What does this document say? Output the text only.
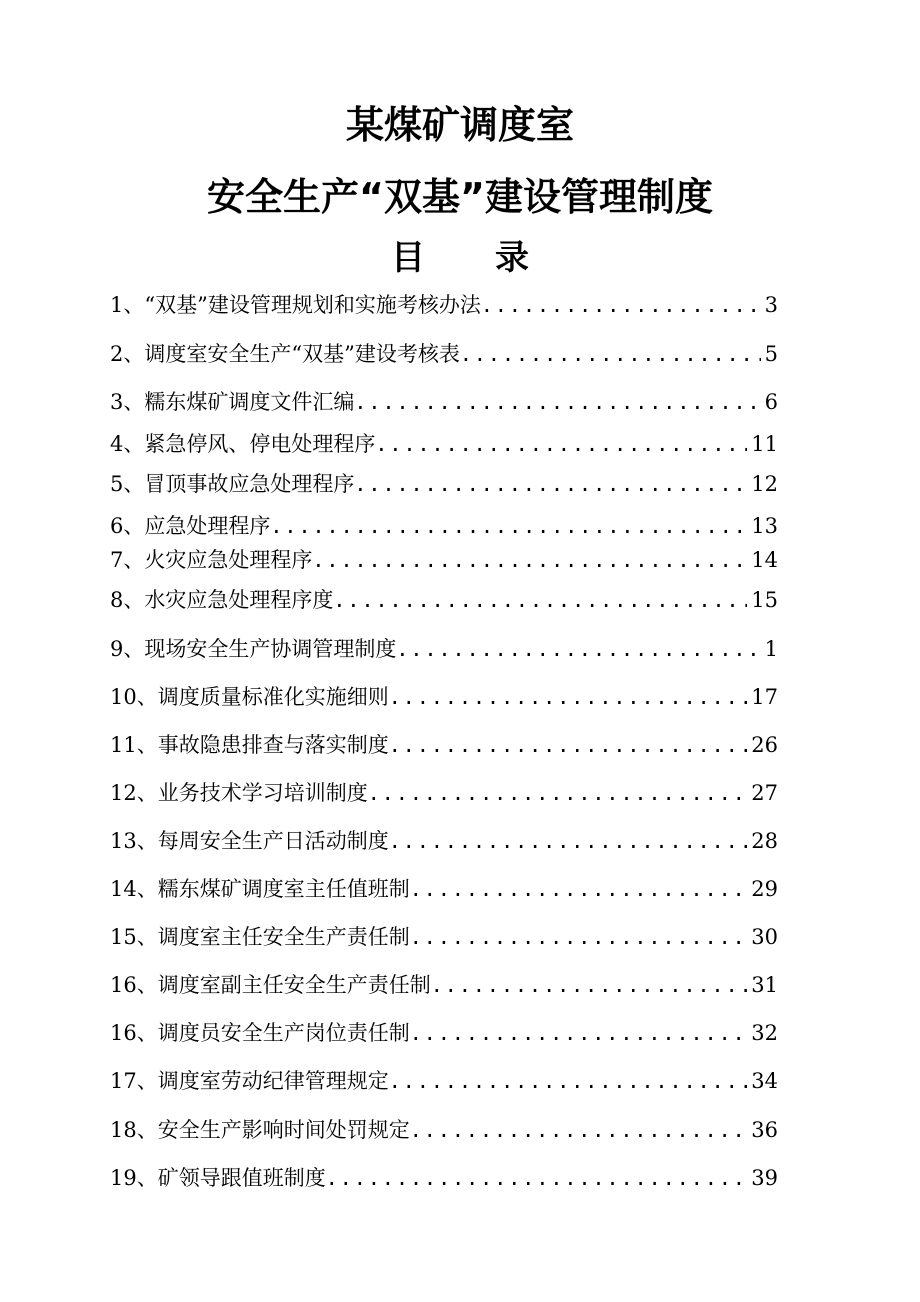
某煤矿调度室
安全生产“双基”建设管理制度
目录
1、“双基”建设管理规划和实施考核办法 .....	3
2、调度室安全生产“双基”建设考核表 .....	5
3、糯东煤矿调度文件汇编 .....	6
4、紧急停风、停电处理程序 .....	11
5、冒顶事故应急处理程序 .....	12
6、应急处理程序 .....	13
7、火灾应急处理程序 .....	14
8、水灾应急处理程序度 .....	15
9、现场安全生产协调管理制度 .....	1
10、调度质量标准化实施细则 .....	17
11、事故隐患排查与落实制度 .....	26
12、业务技术学习培训制度 .....	27
13、每周安全生产日活动制度 .....	28
14、糯东煤矿调度室主任值班制 .....	29
15、调度室主任安全生产责任制 .....	30
16、调度室副主任安全生产责任制 .....	31
16、调度员安全生产岗位责任制 .....	32
17、调度室劳动纪律管理规定 .....	34
18、安全生产影响时间处罚规定 .....	36
19、矿领导跟值班制度 .....	39
